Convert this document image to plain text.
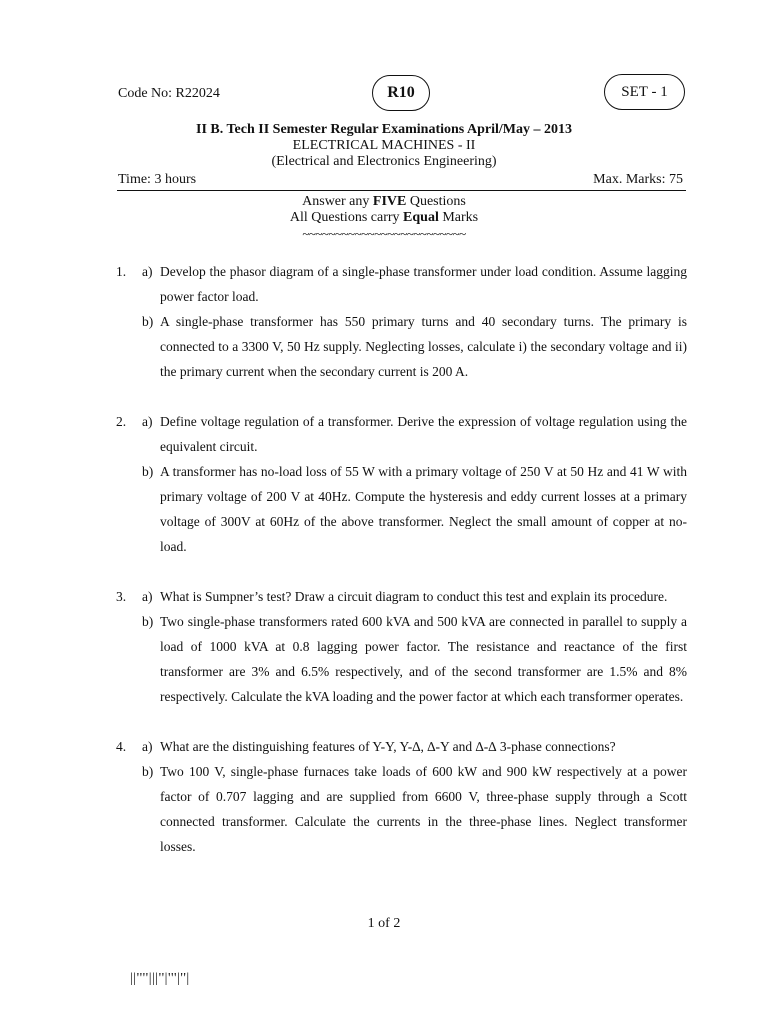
Code No: R22024	R10	SET - 1
II B. Tech II Semester Regular Examinations April/May – 2013
ELECTRICAL MACHINES - II
(Electrical and Electronics Engineering)
Time: 3 hours	Max. Marks: 75
Answer any FIVE Questions
All Questions carry Equal Marks
~~~~~~~~~~~~~~~~~~~~~~~~~
1.	a) Develop the phasor diagram of a single-phase transformer under load condition. Assume lagging power factor load.
b) A single-phase transformer has 550 primary turns and 40 secondary turns. The primary is connected to a 3300 V, 50 Hz supply. Neglecting losses, calculate i) the secondary voltage and ii) the primary current when the secondary current is 200 A.
2.	a) Define voltage regulation of a transformer. Derive the expression of voltage regulation using the equivalent circuit.
b) A transformer has no-load loss of 55 W with a primary voltage of 250 V at 50 Hz and 41 W with primary voltage of 200 V at 40Hz. Compute the hysteresis and eddy current losses at a primary voltage of 300V at 60Hz of the above transformer. Neglect the small amount of copper at no-load.
3.	a) What is Sumpner’s test? Draw a circuit diagram to conduct this test and explain its procedure.
b) Two single-phase transformers rated 600 kVA and 500 kVA are connected in parallel to supply a load of 1000 kVA at 0.8 lagging power factor. The resistance and reactance of the first transformer are 3% and 6.5% respectively, and of the second transformer are 1.5% and 8% respectively. Calculate the kVA loading and the power factor at which each transformer operates.
4.	a) What are the distinguishing features of Y-Y, Y-∆, ∆-Y and ∆-∆ 3-phase connections?
b) Two 100 V, single-phase furnaces take loads of 600 kW and 900 kW respectively at a power factor of 0.707 lagging and are supplied from 6600 V, three-phase supply through a Scott connected transformer. Calculate the currents in the three-phase lines. Neglect transformer losses.
1 of 2
||''''|||''|'''|''|
